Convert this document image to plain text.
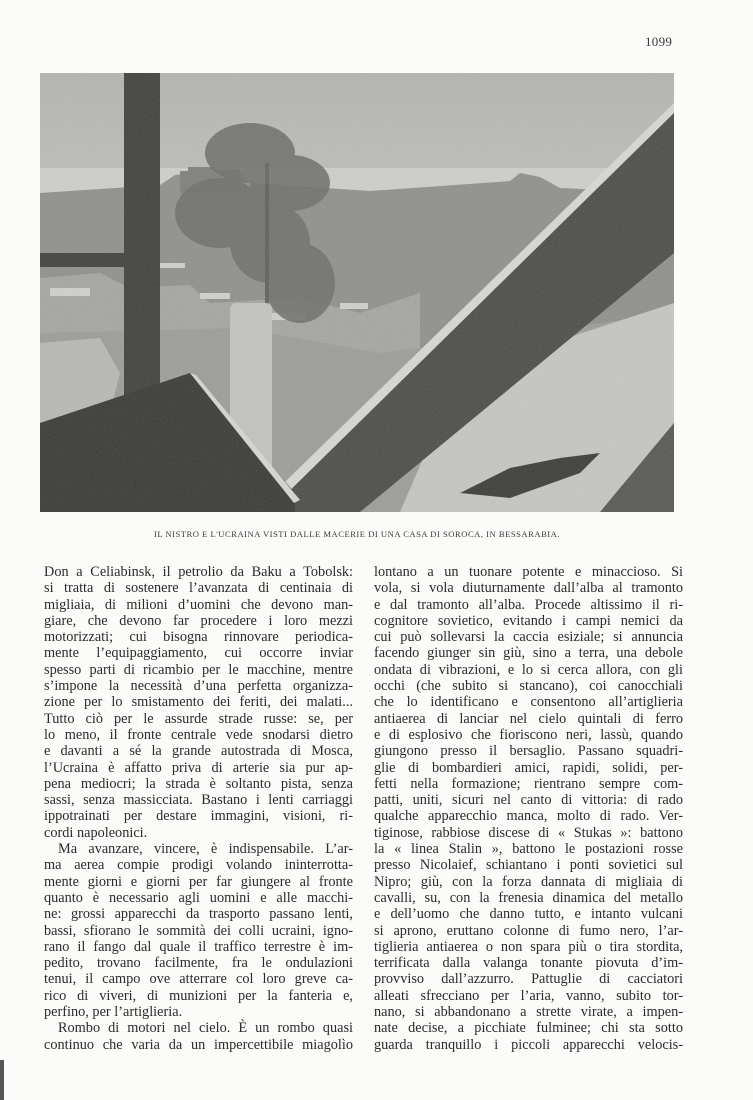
1099
IL NISTRO E L'UCRAINA VISTI DALLE MACERIE DI UNA CASA DI SOROCA, IN BESSARABIA.
Don a Celiabinsk, il petrolio da Baku a Tobolsk:
si tratta di sostenere l’avanzata di centinaia di
migliaia, di milioni d’uomini che devono man-
giare, che devono far procedere i loro mezzi
motorizzati; cui bisogna rinnovare periodica-
mente l’equipaggiamento, cui occorre inviar
spesso parti di ricambio per le macchine, mentre
s’impone la necessità d’una perfetta organizza-
zione per lo smistamento dei feriti, dei malati...
Tutto ciò per le assurde strade russe: se, per
lo meno, il fronte centrale vede snodarsi dietro
e davanti a sé la grande autostrada di Mosca,
l’Ucraina è affatto priva di arterie sia pur ap-
pena mediocri; la strada è soltanto pista, senza
sassi, senza massicciata. Bastano i lenti carriaggi
ippotrainati per destare immagini, visioni, ri-
cordi napoleonici.
Ma avanzare, vincere, è indispensabile. L’ar-
ma aerea compie prodigi volando ininterrotta-
mente giorni e giorni per far giungere al fronte
quanto è necessario agli uomini e alle macchi-
ne: grossi apparecchi da trasporto passano lenti,
bassi, sfiorano le sommità dei colli ucraini, igno-
rano il fango dal quale il traffico terrestre è im-
pedito, trovano facilmente, fra le ondulazioni
tenui, il campo ove atterrare col loro greve ca-
rico di viveri, di munizioni per la fanteria e,
perfino, per l’artiglieria.
Rombo di motori nel cielo. È un rombo quasi
continuo che varia da un impercettibile miagolìo
lontano a un tuonare potente e minaccioso. Si
vola, si vola diuturnamente dall’alba al tramonto
e dal tramonto all’alba. Procede altissimo il ri-
cognitore sovietico, evitando i campi nemici da
cui può sollevarsi la caccia esiziale; si annuncia
facendo giunger sin giù, sino a terra, una debole
ondata di vibrazioni, e lo si cerca allora, con gli
occhi (che subito si stancano), coi canocchiali
che lo identificano e consentono all’artiglieria
antiaerea di lanciar nel cielo quintali di ferro
e di esplosivo che fioriscono neri, lassù, quando
giungono presso il bersaglio. Passano squadri-
glie di bombardieri amici, rapidi, solidi, per-
fetti nella formazione; rientrano sempre com-
patti, uniti, sicuri nel canto di vittoria: di rado
qualche apparecchio manca, molto di rado. Ver-
tiginose, rabbiose discese di « Stukas »: battono
la « linea Stalin », battono le postazioni rosse
presso Nicolaief, schiantano i ponti sovietici sul
Nipro; giù, con la forza dannata di migliaia di
cavalli, su, con la frenesia dinamica del metallo
e dell’uomo che danno tutto, e intanto vulcani
si aprono, eruttano colonne di fumo nero, l’ar-
tiglieria antiaerea o non spara più o tira stordita,
terrificata dalla valanga tonante piovuta d’im-
provviso dall’azzurro. Pattuglie di cacciatori
alleati sfrecciano per l’aria, vanno, subito tor-
nano, si abbandonano a strette virate, a impen-
nate decise, a picchiate fulminee; chi sta sotto
guarda tranquillo i piccoli apparecchi velocis-
